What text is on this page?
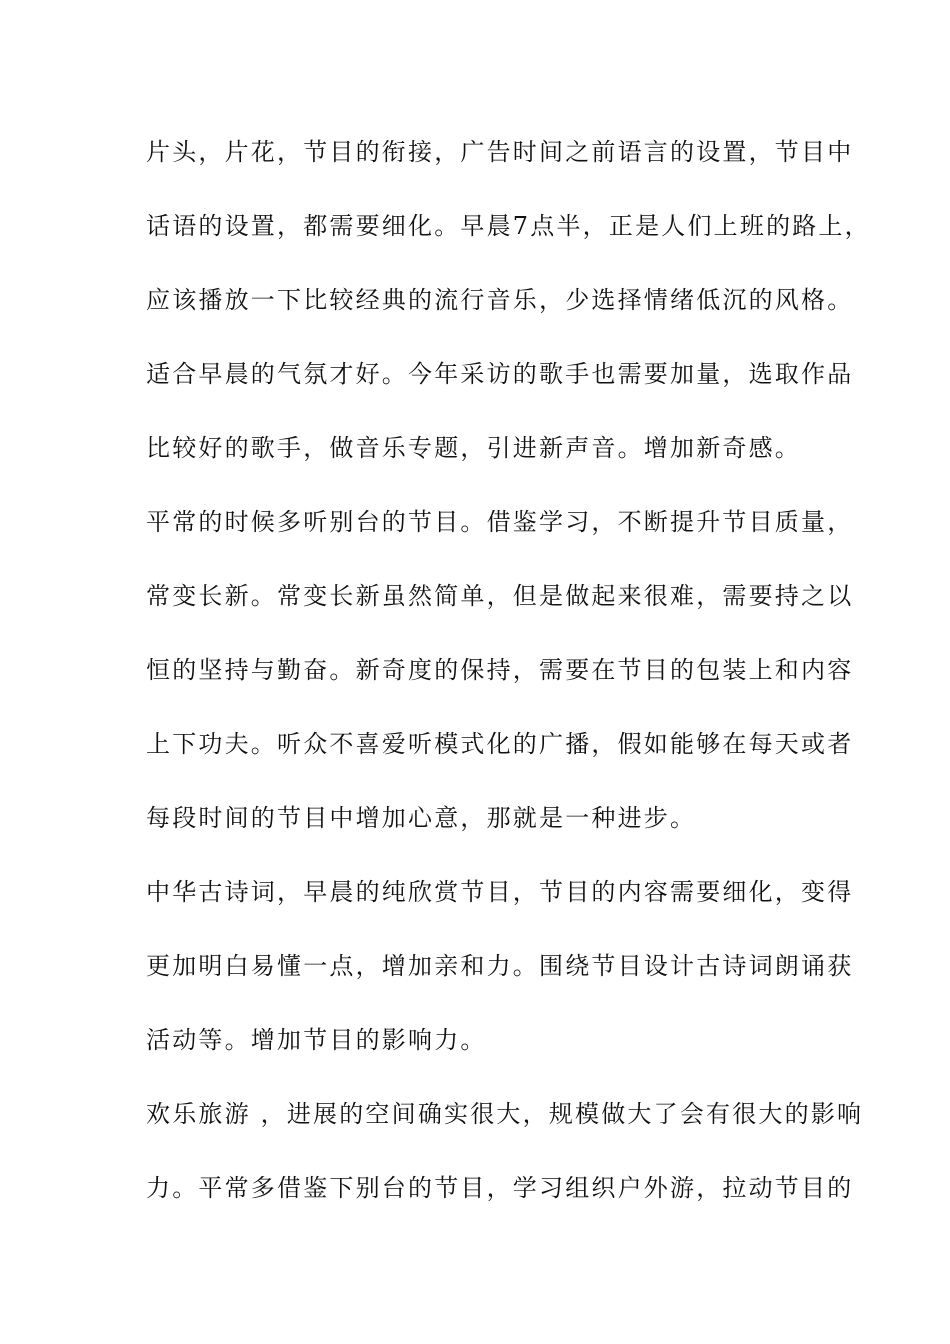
片头，片花，节目的衔接，广告时间之前语言的设置，节目中
话语的设置，都需要细化。早晨7点半，正是人们上班的路上，
应该播放一下比较经典的流行音乐，少选择情绪低沉的风格。
适合早晨的气氛才好。今年采访的歌手也需要加量，选取作品
比较好的歌手，做音乐专题，引进新声音。增加新奇感。
平常的时候多听别台的节目。借鉴学习，不断提升节目质量，
常变长新。常变长新虽然简单，但是做起来很难，需要持之以
恒的坚持与勤奋。新奇度的保持，需要在节目的包装上和内容
上下功夫。听众不喜爱听模式化的广播，假如能够在每天或者
每段时间的节目中增加心意，那就是一种进步。
中华古诗词，早晨的纯欣赏节目，节目的内容需要细化，变得
更加明白易懂一点，增加亲和力。围绕节目设计古诗词朗诵获
活动等。增加节目的影响力。
欢乐旅游 ，进展的空间确实很大，规模做大了会有很大的影响
力。平常多借鉴下别台的节目，学习组织户外游，拉动节目的
